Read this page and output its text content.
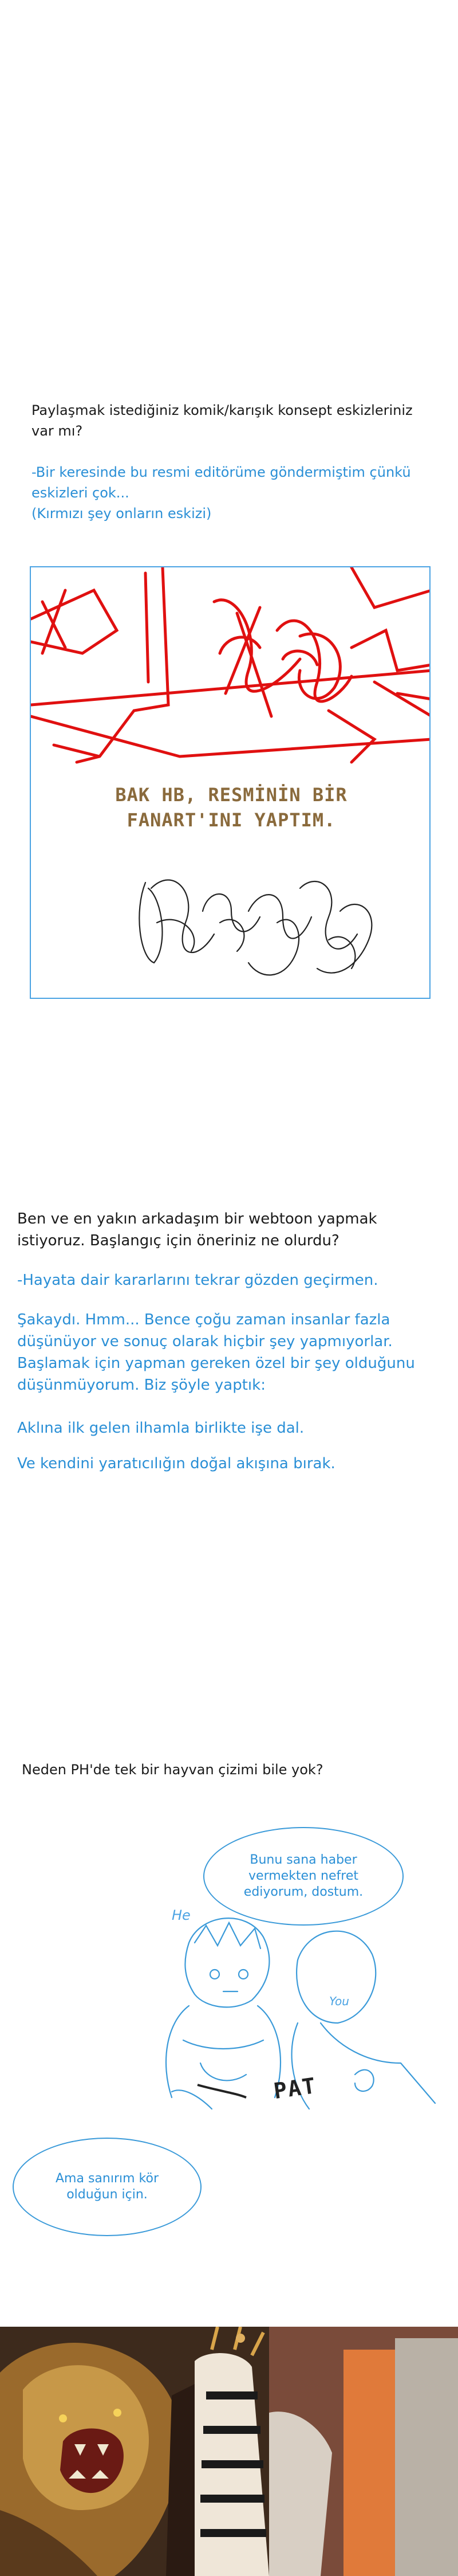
Paylaşmak istediğiniz komik/karışık konsept eskizleriniz var mı?
-Bir keresinde bu resmi editörüme göndermiştim çünkü eskizleri çok...
(Kırmızı şey onların eskizi)
BAK HB, RESMİNİN BİR
FANART'INI YAPTIM.
Ben ve en yakın arkadaşım bir webtoon yapmak istiyoruz. Başlangıç için öneriniz ne olurdu?
-Hayata dair kararlarını tekrar gözden geçirmen.
Şakaydı. Hmm... Bence çoğu zaman insanlar fazla düşünüyor ve sonuç olarak hiçbir şey yapmıyorlar. Başlamak için yapman gereken özel bir şey olduğunu düşünmüyorum. Biz şöyle yaptık:
Aklına ilk gelen ilhamla birlikte işe dal.
Ve kendini yaratıcılığın doğal akışına bırak.
Neden PH'de tek bir hayvan çizimi bile yok?
Bunu sana haber vermekten nefret ediyorum, dostum.
He
You
PAT
Ama sanırım kör olduğun için.
